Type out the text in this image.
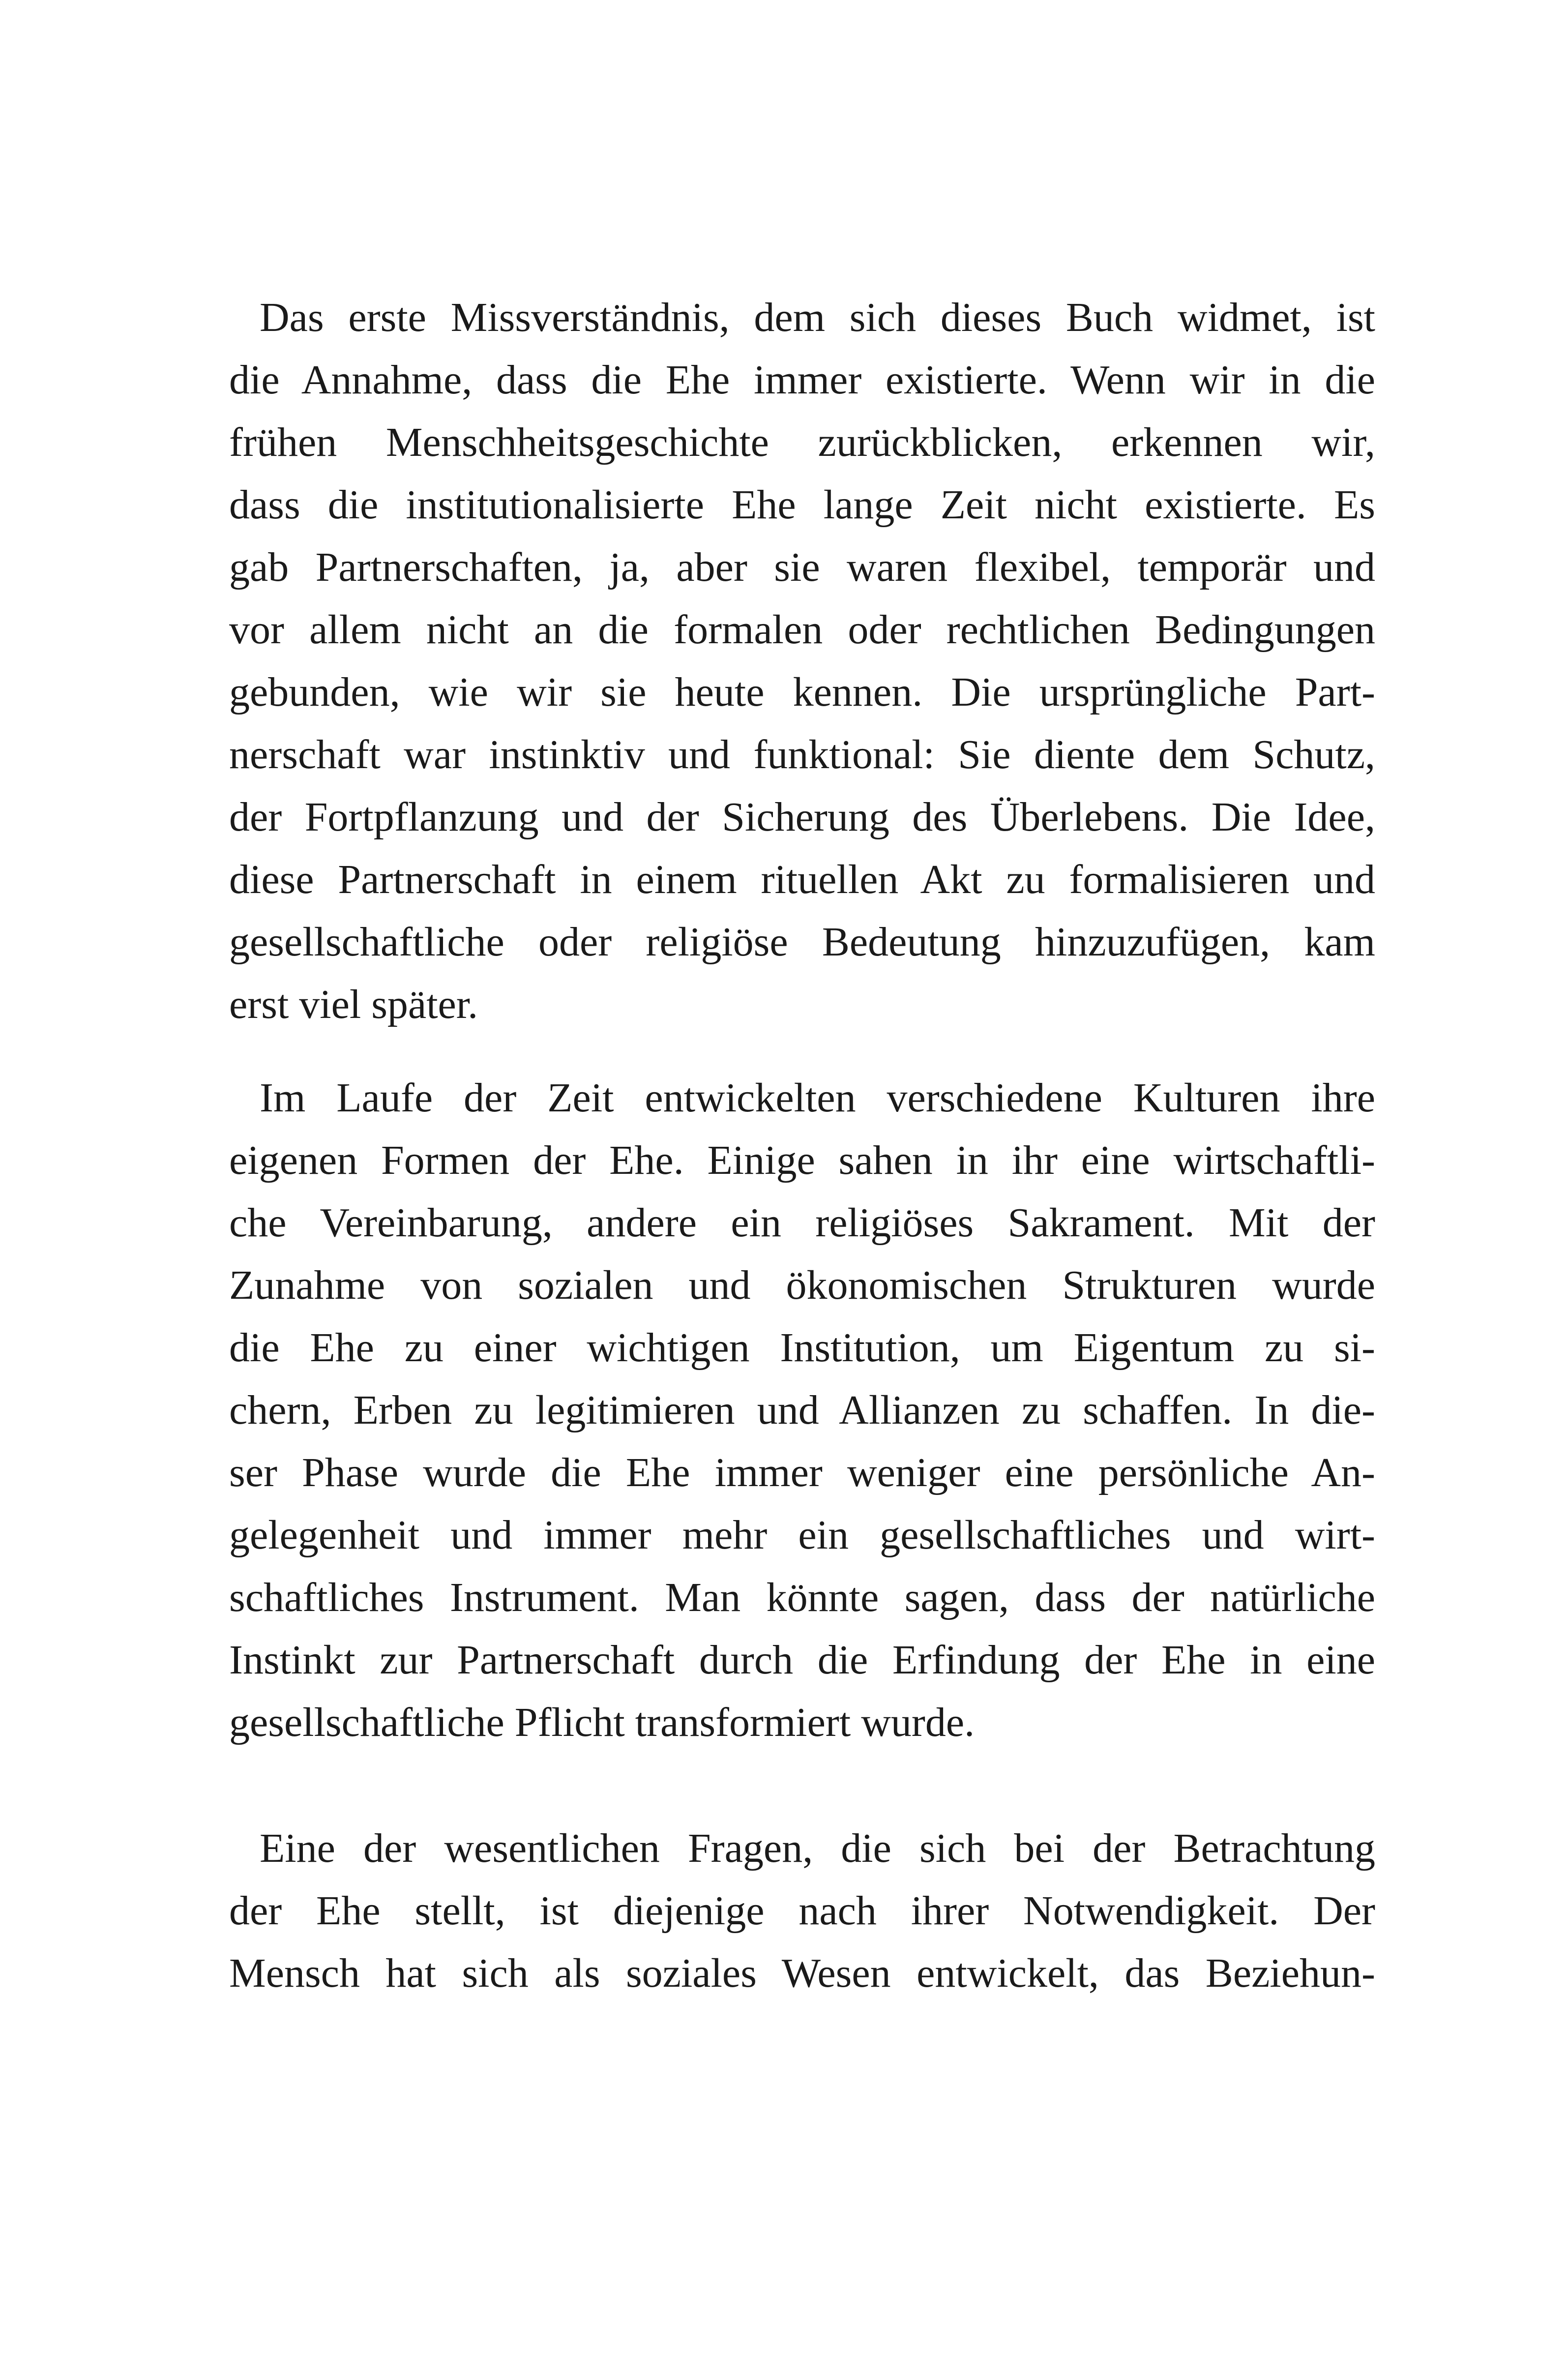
Das erste Missverständnis, dem sich dieses Buch widmet, ist
die Annahme, dass die Ehe immer existierte. Wenn wir in die
frühen Menschheitsgeschichte zurückblicken, erkennen wir,
dass die institutionalisierte Ehe lange Zeit nicht existierte. Es
gab Partnerschaften, ja, aber sie waren flexibel, temporär und
vor allem nicht an die formalen oder rechtlichen Bedingungen
gebunden, wie wir sie heute kennen. Die ursprüngliche Part-
nerschaft war instinktiv und funktional: Sie diente dem Schutz,
der Fortpflanzung und der Sicherung des Überlebens. Die Idee,
diese Partnerschaft in einem rituellen Akt zu formalisieren und
gesellschaftliche oder religiöse Bedeutung hinzuzufügen, kam
erst viel später.
Im Laufe der Zeit entwickelten verschiedene Kulturen ihre
eigenen Formen der Ehe. Einige sahen in ihr eine wirtschaftli-
che Vereinbarung, andere ein religiöses Sakrament. Mit der
Zunahme von sozialen und ökonomischen Strukturen wurde
die Ehe zu einer wichtigen Institution, um Eigentum zu si-
chern, Erben zu legitimieren und Allianzen zu schaffen. In die-
ser Phase wurde die Ehe immer weniger eine persönliche An-
gelegenheit und immer mehr ein gesellschaftliches und wirt-
schaftliches Instrument. Man könnte sagen, dass der natürliche
Instinkt zur Partnerschaft durch die Erfindung der Ehe in eine
gesellschaftliche Pflicht transformiert wurde.
Eine der wesentlichen Fragen, die sich bei der Betrachtung
der Ehe stellt, ist diejenige nach ihrer Notwendigkeit. Der
Mensch hat sich als soziales Wesen entwickelt, das Beziehun-
